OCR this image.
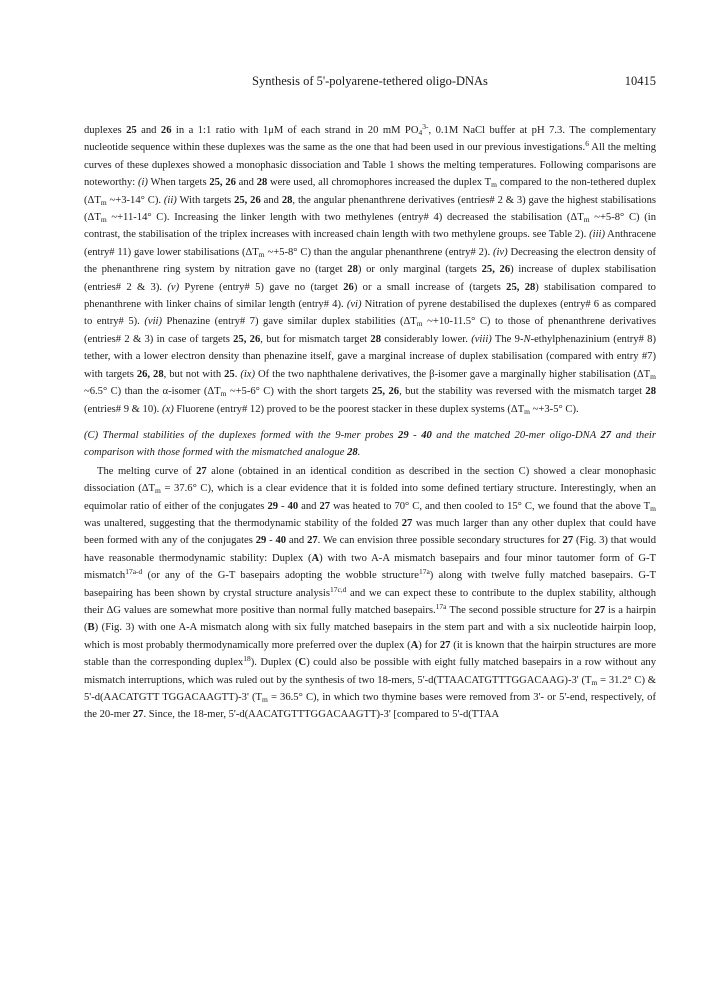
Synthesis of 5'-polyarene-tethered oligo-DNAs	10415

duplexes 25 and 26 in a 1:1 ratio with 1μM of each strand in 20 mM $PO_4^{3-}$, 0.1M NaCl buffer at pH 7.3. The complementary nucleotide sequence within these duplexes was the same as the one that had been used in our previous investigations.$^6$ All the melting curves of these duplexes showed a monophasic dissociation and Table 1 shows the melting temperatures. Following comparisons are noteworthy: (i) When targets 25, 26 and 28 were used, all chromophores increased the duplex $T_m$ compared to the non-tethered duplex ($\Delta T_m$ ~+3-14° C). (ii) With targets 25, 26 and 28, the angular phenanthrene derivatives (entries# 2 & 3) gave the highest stabilisations ($\Delta T_m$ ~+11-14° C). Increasing the linker length with two methylenes (entry# 4) decreased the stabilisation ($\Delta T_m$ ~+5-8° C) (in contrast, the stabilisation of the triplex increases with increased chain length with two methylene groups. see Table 2). (iii) Anthracene (entry# 11) gave lower stabilisations ($\Delta T_m$ ~+5-8° C) than the angular phenanthrene (entry# 2). (iv) Decreasing the electron density of the phenanthrene ring system by nitration gave no (target 28) or only marginal (targets 25, 26) increase of duplex stabilisation (entries# 2 & 3). (v) Pyrene (entry# 5) gave no (target 26) or a small increase of (targets 25, 28) stabilisation compared to phenanthrene with linker chains of similar length (entry# 4). (vi) Nitration of pyrene destabilised the duplexes (entry# 6 as compared to entry# 5). (vii) Phenazine (entry# 7) gave similar duplex stabilities ($\Delta T_m$ ~+10-11.5° C) to those of phenanthrene derivatives (entries# 2 & 3) in case of targets 25, 26, but for mismatch target 28 considerably lower. (viii) The 9-N-ethylphenazinium (entry# 8) tether, with a lower electron density than phenazine itself, gave a marginal increase of duplex stabilisation (compared with entry #7) with targets 26, 28, but not with 25. (ix) Of the two naphthalene derivatives, the β-isomer gave a marginally higher stabilisation ($\Delta T_m$ ~6.5° C) than the α-isomer ($\Delta T_m$ ~+5-6° C) with the short targets 25, 26, but the stability was reversed with the mismatch target 28 (entries# 9 & 10). (x) Fluorene (entry# 12) proved to be the poorest stacker in these duplex systems ($\Delta T_m$ ~+3-5° C).

(C) Thermal stabilities of the duplexes formed with the 9-mer probes 29 - 40 and the matched 20-mer oligo-DNA 27 and their comparison with those formed with the mismatched analogue 28.

The melting curve of 27 alone (obtained in an identical condition as described in the section C) showed a clear monophasic dissociation ($\Delta T_m = 37.6^\circ$ C), which is a clear evidence that it is folded into some defined tertiary structure. Interestingly, when an equimolar ratio of either of the conjugates 29 - 40 and 27 was heated to 70° C, and then cooled to 15° C, we found that the above $T_m$ was unaltered, suggesting that the thermodynamic stability of the folded 27 was much larger than any other duplex that could have been formed with any of the conjugates 29 - 40 and 27. We can envision three possible secondary structures for 27 (Fig. 3) that would have reasonable thermodynamic stability: Duplex (A) with two A-A mismatch basepairs and four minor tautomer form of G-T mismatch$^{17a-d}$ (or any of the G-T basepairs adopting the wobble structure$^{17a}$) along with twelve fully matched basepairs. G-T basepairing has been shown by crystal structure analysis$^{17c,d}$ and we can expect these to contribute to the duplex stability, although their ΔG values are somewhat more positive than normal fully matched basepairs.$^{17a}$ The second possible structure for 27 is a hairpin (B) (Fig. 3) with one A-A mismatch along with six fully matched basepairs in the stem part and with a six nucleotide hairpin loop, which is most probably thermodynamically more preferred over the duplex (A) for 27 (it is known that the hairpin structures are more stable than the corresponding duplex$^{18}$). Duplex (C) could also be possible with eight fully matched basepairs in a row without any mismatch interruptions, which was ruled out by the synthesis of two 18-mers, 5'-d(TTAACATGTTTGGACAAG)-3' ($T_m = 31.2^\circ$ C) & 5'-d(AACATGTT TGGACAAGTT)-3' ($T_m = 36.5^\circ$ C), in which two thymine bases were removed from 3'- or 5'-end, respectively, of the 20-mer 27. Since, the 18-mer, 5'-d(AACATGTTTGGACAAGTT)-3' [compared to 5'-d(TTAA
